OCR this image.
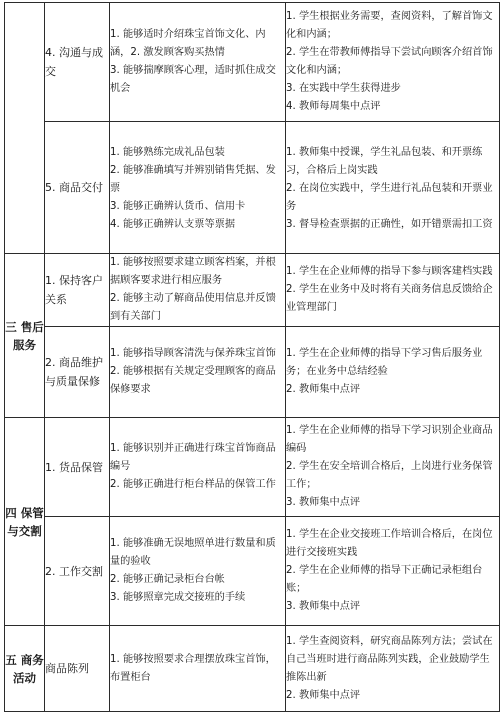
	4. 沟通与成交	1. 能够适时介绍珠宝首饰文化、内涵，2. 激发顾客购买热情
3. 能够揣摩顾客心理，适时抓住成交机会	1. 学生根据业务需要，查阅资料，了解首饰文化和内涵；
2. 学生在带教师傅指导下尝试向顾客介绍首饰文化和内涵；
3. 在实践中学生获得进步
4. 教师每周集中点评

	5. 商品交付	1. 能够熟练完成礼品包装
2. 能够准确填写并辨别销售凭据、发票
3. 能够正确辨认货币、信用卡
4. 能够正确辨认支票等票据	1. 教师集中授课，学生礼品包装、和开票练习，合格后上岗实践
2. 在岗位实践中，学生进行礼品包装和开票业务
3. 督导检查票据的正确性，如开错票需扣工资

三 售后服务	1. 保持客户关系	1. 能够按照要求建立顾客档案，并根据顾客要求进行相应服务
2. 能够主动了解商品使用信息并反馈到有关部门	1. 学生在企业师傅的指导下参与顾客建档实践
2. 学生在业务中及时将有关商务信息反馈给企业管理部门

	2. 商品维护与质量保修	1. 能够指导顾客清洗与保养珠宝首饰
2. 能够根据有关规定受理顾客的商品保修要求	1. 学生在企业师傅的指导下学习售后服务业务；在业务中总结经验
2. 教师集中点评

四 保管与交割	1. 货品保管	1. 能够识别并正确进行珠宝首饰商品编号
2. 能够正确进行柜台样品的保管工作	1. 学生在企业师傅的指导下学习识别企业商品编码
2. 学生在安全培训合格后，上岗进行业务保管工作；
3. 教师集中点评

	2. 工作交割	1. 能够准确无误地照单进行数量和质量的验收
2. 能够正确记录柜台台帐
3. 能够照章完成交接班的手续	1. 学生在企业交接班工作培训合格后，在岗位进行交接班实践
2. 学生在企业师傅的指导下正确记录柜组台账；
3. 教师集中点评

五 商务活动	商品陈列	1. 能够按照要求合理摆放珠宝首饰，布置柜台	1. 学生查阅资料，研究商品陈列方法；尝试在自己当班时进行商品陈列实践，企业鼓励学生推陈出新
2. 教师集中点评
